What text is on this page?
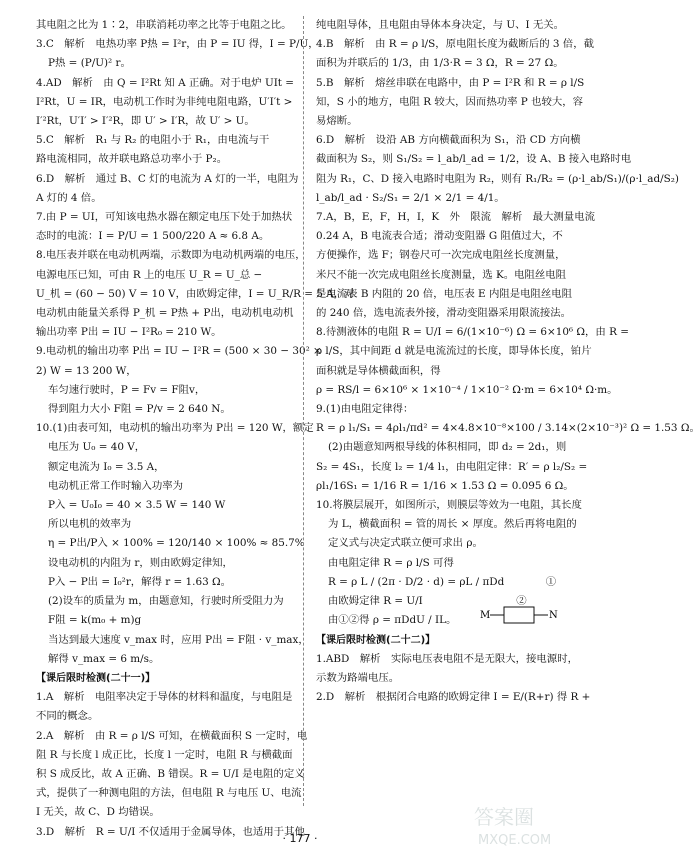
其电阻之比为 1∶2，串联消耗功率之比等于电阻之比。
3.C　解析　电热功率 P热 = I²r，由 P = IU 得，I = P/U，
P热 = (P/U)² r。
4.AD　解析　由 Q = I²Rt 知 A 正确。对于电炉 UIt =
I²Rt，U = IR，电动机工作时为非纯电阻电路，U′I′t >
I′²Rt，U′I′ > I′²R，即 U′ > I′R，故 U′ > U。
5.C　解析　R₁ 与 R₂ 的电阻小于 R₁，由电流与干
路电流相同，故并联电路总功率小于 P₂。
6.D　解析　通过 B、C 灯的电流为 A 灯的一半，电阻为
A 灯的 4 倍。
7.由 P = UI，可知该电热水器在额定电压下处于加热状
态时的电流：I = P/U = 1 500/220 A ≈ 6.8 A。
8.电压表并联在电动机两端，示数即为电动机两端的电压，
电源电压已知，可由 R 上的电压 U_R = U_总 −
U_机 = (60 − 50) V = 10 V，由欧姆定律，I = U_R/R = 5 A，对
电动机由能量关系得 P_机 = P热 + P出，电动机电动机
输出功率 P出 = IU − I²R₀ = 210 W。
9.电动机的输出功率 P出 = IU − I²R = (500 × 30 − 30² ×
2) W = 13 200 W，
车匀速行驶时，P = Fv = F阻v，
得到阻力大小 F阻 = P/v = 2 640 N。
10.(1)由表可知，电动机的输出功率为 P出 = 120 W，额定
电压为 U₀ = 40 V，
额定电流为 I₀ = 3.5 A，
电动机正常工作时输入功率为
P入 = U₀I₀ = 40 × 3.5 W = 140 W
所以电机的效率为
η = P出/P入 × 100% = 120/140 × 100% ≈ 85.7%
设电动机的内阻为 r，则由欧姆定律知，
P入 − P出 = I₀²r，解得 r = 1.63 Ω。
(2)设车的质量为 m，由题意知，行驶时所受阻力为
F阻 = k(m₀ + m)g
当达到最大速度 v_max 时，应用 P出 = F阻 · v_max，
解得 v_max = 6 m/s。
【课后限时检测(二十一)】
1.A　解析　电阻率决定于导体的材料和温度，与电阻是
不同的概念。
2.A　解析　由 R = ρ l/S 可知，在横截面积 S 一定时，电
阻 R 与长度 l 成正比，长度 l 一定时，电阻 R 与横截面
积 S 成反比，故 A 正确、B 错误。R = U/I 是电阻的定义
式，提供了一种测电阻的方法，但电阻 R 与电压 U、电流
I 无关，故 C、D 均错误。
3.D　解析　R = U/I 不仅适用于金属导体，也适用于其他
纯电阻导体，且电阻由导体本身决定，与 U、I 无关。
4.B　解析　由 R = ρ l/S，原电阻长度为截断后的 3 倍，截
面积为并联后的 1/3，由 1/3·R = 3 Ω，R = 27 Ω。
5.B　解析　熔丝串联在电路中，由 P = I²R 和 R = ρ l/S
知，S 小的地方，电阻 R 较大，因而热功率 P 也较大，容
易熔断。
6.D　解析　设沿 AB 方向横截面积为 S₁，沿 CD 方向横
截面积为 S₂，则 S₁/S₂ = l_ab/l_ad = 1/2，设 A、B 接入电路时电
阻为 R₁，C、D 接入电路时电阻为 R₂，则有 R₁/R₂ = (ρ·l_ab/S₁)/(ρ·l_ad/S₂)
l_ab/l_ad · S₂/S₁ = 2/1 × 2/1 = 4/1。
7.A，B，E，F，H，I，K　外　限流　解析　最大测量电流
0.24 A，B 电流表合适；滑动变阻器 G 阻值过大，不
方便操作，选 F；钢卷尺可一次完成电阻丝长度测量，
米尺不能一次完成电阻丝长度测量，选 K。电阻丝电阻
是电流表 B 内阻的 20 倍，电压表 E 内阻是电阻丝电阻
的 240 倍，选电流表外接，滑动变阻器采用限流接法。
8.待测液体的电阻 R = U/I = 6/(1×10⁻⁶) Ω = 6×10⁶ Ω，由 R =
ρ l/S，其中间距 d 就是电流流过的长度，即导体长度，铂片
面积就是导体横截面积，得
ρ = RS/l = 6×10⁶ × 1×10⁻⁴ / 1×10⁻² Ω·m = 6×10⁴ Ω·m。
9.(1)由电阻定律得：
R = ρ l₁/S₁ = 4ρl₁/πd² = 4×4.8×10⁻⁸×100 / 3.14×(2×10⁻³)² Ω = 1.53 Ω。
(2)由题意知两根导线的体积相同，即 d₂ = 2d₁，则
S₂ = 4S₁，长度 l₂ = 1/4 l₁，由电阻定律：R′ = ρ l₂/S₂ =
ρl₁/16S₁ = 1/16 R = 1/16 × 1.53 Ω = 0.095 6 Ω。
10.将膜层展开，如图所示，则膜层等效为一电阻，其长度
为 L，横截面积 = 管的周长 × 厚度。然后再将电阻的
定义式与决定式联立便可求出 ρ。
由电阻定律 R = ρ l/S 可得
R = ρ L / (2π · D/2 · d) = ρL / πDd　　　　①
由欧姆定律 R = U/I　　　　　　　　　②
由①②得 ρ = πDdU / IL。
【课后限时检测(二十二)】
1.ABD　解析　实际电压表电阻不是无限大，接电源时，
示数为路端电压。
2.D　解析　根据闭合电路的欧姆定律 I = E/(R+r) 得 R +
M	N
· 177 ·
答案圈
MXQE.COM
